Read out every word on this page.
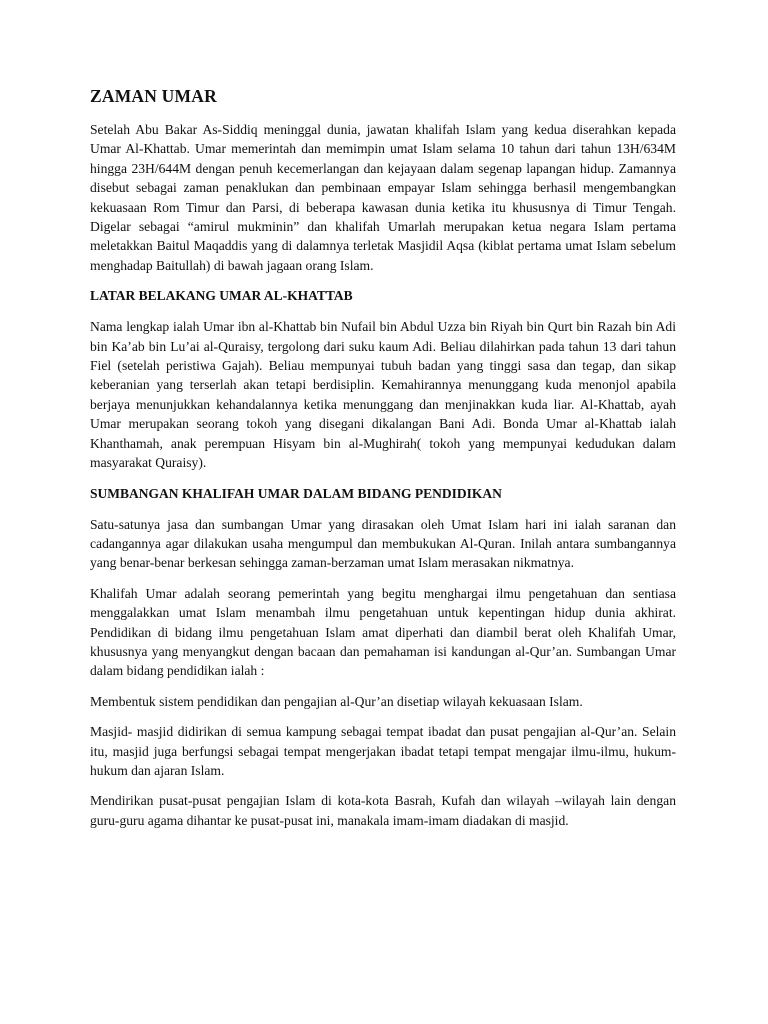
ZAMAN UMAR

Setelah Abu Bakar As-Siddiq meninggal dunia, jawatan khalifah Islam yang kedua diserahkan kepada Umar Al-Khattab. Umar memerintah dan memimpin umat Islam selama 10 tahun dari tahun 13H/634M hingga 23H/644M dengan penuh kecemerlangan dan kejayaan dalam segenap lapangan hidup. Zamannya disebut sebagai zaman penaklukan dan pembinaan empayar Islam sehingga berhasil mengembangkan kekuasaan Rom Timur dan Parsi, di beberapa kawasan dunia ketika itu khususnya di Timur Tengah. Digelar sebagai “amirul mukminin” dan khalifah Umarlah merupakan ketua negara Islam pertama meletakkan Baitul Maqaddis yang di dalamnya terletak Masjidil Aqsa (kiblat pertama umat Islam sebelum menghadap Baitullah) di bawah jagaan orang Islam.

LATAR BELAKANG UMAR AL-KHATTAB

Nama lengkap ialah Umar ibn al-Khattab bin Nufail bin Abdul Uzza bin Riyah bin Qurt bin Razah bin Adi bin Ka’ab bin Lu’ai al-Quraisy, tergolong dari suku kaum Adi. Beliau dilahirkan pada tahun 13 dari tahun Fiel (setelah peristiwa Gajah). Beliau mempunyai tubuh badan yang tinggi sasa dan tegap, dan sikap keberanian yang terserlah akan tetapi berdisiplin. Kemahirannya menunggang kuda menonjol apabila berjaya menunjukkan kehandalannya ketika menunggang dan menjinakkan kuda liar. Al-Khattab, ayah Umar merupakan seorang tokoh yang disegani dikalangan Bani Adi. Bonda Umar al-Khattab ialah Khanthamah, anak perempuan Hisyam bin al-Mughirah( tokoh yang mempunyai kedudukan dalam masyarakat Quraisy).

SUMBANGAN KHALIFAH UMAR DALAM BIDANG PENDIDIKAN

Satu-satunya jasa dan sumbangan Umar yang dirasakan oleh Umat Islam hari ini ialah saranan dan cadangannya agar dilakukan usaha mengumpul dan membukukan Al-Quran. Inilah antara sumbangannya yang benar-benar berkesan sehingga zaman-berzaman umat Islam merasakan nikmatnya.

Khalifah Umar adalah seorang pemerintah yang begitu menghargai ilmu pengetahuan dan sentiasa menggalakkan umat Islam menambah ilmu pengetahuan untuk kepentingan hidup dunia akhirat. Pendidikan di bidang ilmu pengetahuan Islam amat diperhati dan diambil berat oleh Khalifah Umar, khususnya yang menyangkut dengan bacaan dan pemahaman isi kandungan al-Qur’an. Sumbangan Umar dalam bidang pendidikan ialah :

Membentuk sistem pendidikan dan pengajian al-Qur’an disetiap wilayah kekuasaan Islam.

Masjid- masjid didirikan di semua kampung sebagai tempat ibadat dan pusat pengajian al-Qur’an. Selain itu, masjid juga berfungsi sebagai tempat mengerjakan ibadat tetapi tempat mengajar ilmu-ilmu, hukum-hukum dan ajaran Islam.

Mendirikan pusat-pusat pengajian Islam di kota-kota Basrah, Kufah dan wilayah –wilayah lain dengan guru-guru agama dihantar ke pusat-pusat ini, manakala imam-imam diadakan di masjid.
